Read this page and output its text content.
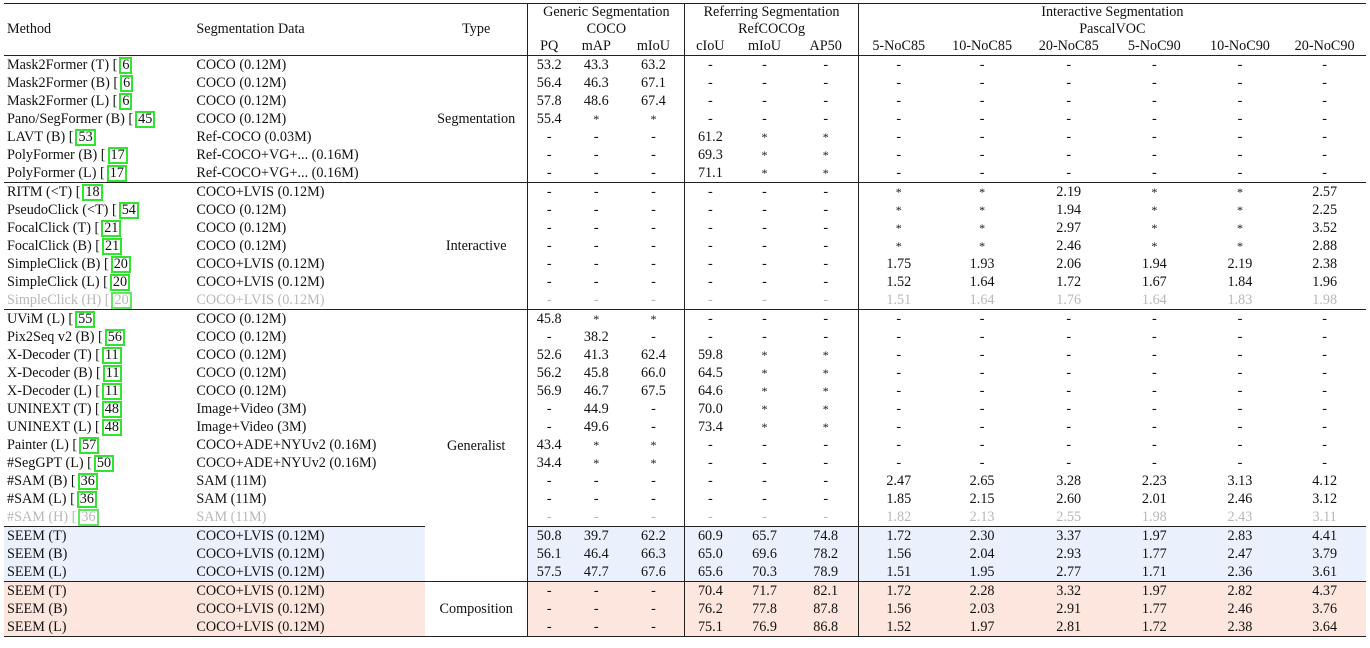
Method	Segmentation Data	Type	Generic Segmentation			Referring Segmentation			Interactive Segmentation					
			COCO			RefCOCOg			PascalVOC					
			PQ	mAP	mIoU	cIoU	mIoU	AP50	5-NoC85	10-NoC85	20-NoC85	5-NoC90	10-NoC90	20-NoC90
Mask2Former (T) [ 6	COCO (0.12M)	Segmentation	53.2	43.3	63.2	-	-	-	-	-	-	-	-	-
Mask2Former (B) [ 6	COCO (0.12M)		56.4	46.3	67.1	-	-	-	-	-	-	-	-	-
Mask2Former (L) [ 6	COCO (0.12M)		57.8	48.6	67.4	-	-	-	-	-	-	-	-	-
Pano/SegFormer (B) [ 45	COCO (0.12M)		55.4	*	*	-	-	-	-	-	-	-	-	-
LAVT (B) [ 53	Ref-COCO (0.03M)		-	-	-	61.2	*	*	-	-	-	-	-	-
PolyFormer (B) [ 17	Ref-COCO+VG+... (0.16M)		-	-	-	69.3	*	*	-	-	-	-	-	-
PolyFormer (L) [ 17	Ref-COCO+VG+... (0.16M)		-	-	-	71.1	*	*	-	-	-	-	-	-
RITM (<T) [ 18	COCO+LVIS (0.12M)	Interactive	-	-	-	-	-	-	*	*	2.19	*	*	2.57
PseudoClick (<T) [ 54	COCO (0.12M)		-	-	-	-	-	-	*	*	1.94	*	*	2.25
FocalClick (T) [ 21	COCO (0.12M)		-	-	-	-	-	-	*	*	2.97	*	*	3.52
FocalClick (B) [ 21	COCO (0.12M)		-	-	-	-	-	-	*	*	2.46	*	*	2.88
SimpleClick (B) [ 20	COCO+LVIS (0.12M)		-	-	-	-	-	-	1.75	1.93	2.06	1.94	2.19	2.38
SimpleClick (L) [ 20	COCO+LVIS (0.12M)		-	-	-	-	-	-	1.52	1.64	1.72	1.67	1.84	1.96
SimpleClick (H) [ 20	COCO+LVIS (0.12M)		-	-	-	-	-	-	1.51	1.64	1.76	1.64	1.83	1.98
UViM (L) [ 55	COCO (0.12M)	Generalist	45.8	*	*	-	-	-	-	-	-	-	-	-
Pix2Seq v2 (B) [ 56	COCO (0.12M)		-	38.2	-	-	-	-	-	-	-	-	-	-
X-Decoder (T) [ 11	COCO (0.12M)		52.6	41.3	62.4	59.8	*	*	-	-	-	-	-	-
X-Decoder (B) [ 11	COCO (0.12M)		56.2	45.8	66.0	64.5	*	*	-	-	-	-	-	-
X-Decoder (L) [ 11	COCO (0.12M)		56.9	46.7	67.5	64.6	*	*	-	-	-	-	-	-
UNINEXT (T) [ 48	Image+Video (3M)		-	44.9	-	70.0	*	*	-	-	-	-	-	-
UNINEXT (L) [ 48	Image+Video (3M)		-	49.6	-	73.4	*	*	-	-	-	-	-	-
Painter (L) [ 57	COCO+ADE+NYUv2 (0.16M)		43.4	*	*	-	-	-	-	-	-	-	-	-
#SegGPT (L) [ 50	COCO+ADE+NYUv2 (0.16M)		34.4	*	*	-	-	-	-	-	-	-	-	-
#SAM (B) [ 36	SAM (11M)		-	-	-	-	-	-	2.47	2.65	3.28	2.23	3.13	4.12
#SAM (L) [ 36	SAM (11M)		-	-	-	-	-	-	1.85	2.15	2.60	2.01	2.46	3.12
#SAM (H) [ 36	SAM (11M)		-	-	-	-	-	-	1.82	2.13	2.55	1.98	2.43	3.11
SEEM (T)	COCO+LVIS (0.12M)		50.8	39.7	62.2	60.9	65.7	74.8	1.72	2.30	3.37	1.97	2.83	4.41
SEEM (B)	COCO+LVIS (0.12M)		56.1	46.4	66.3	65.0	69.6	78.2	1.56	2.04	2.93	1.77	2.47	3.79
SEEM (L)	COCO+LVIS (0.12M)		57.5	47.7	67.6	65.6	70.3	78.9	1.51	1.95	2.77	1.71	2.36	3.61
SEEM (T)	COCO+LVIS (0.12M)	Composition	-	-	-	70.4	71.7	82.1	1.72	2.28	3.32	1.97	2.82	4.37
SEEM (B)	COCO+LVIS (0.12M)		-	-	-	76.2	77.8	87.8	1.56	2.03	2.91	1.77	2.46	3.76
SEEM (L)	COCO+LVIS (0.12M)		-	-	-	75.1	76.9	86.8	1.52	1.97	2.81	1.72	2.38	3.64
